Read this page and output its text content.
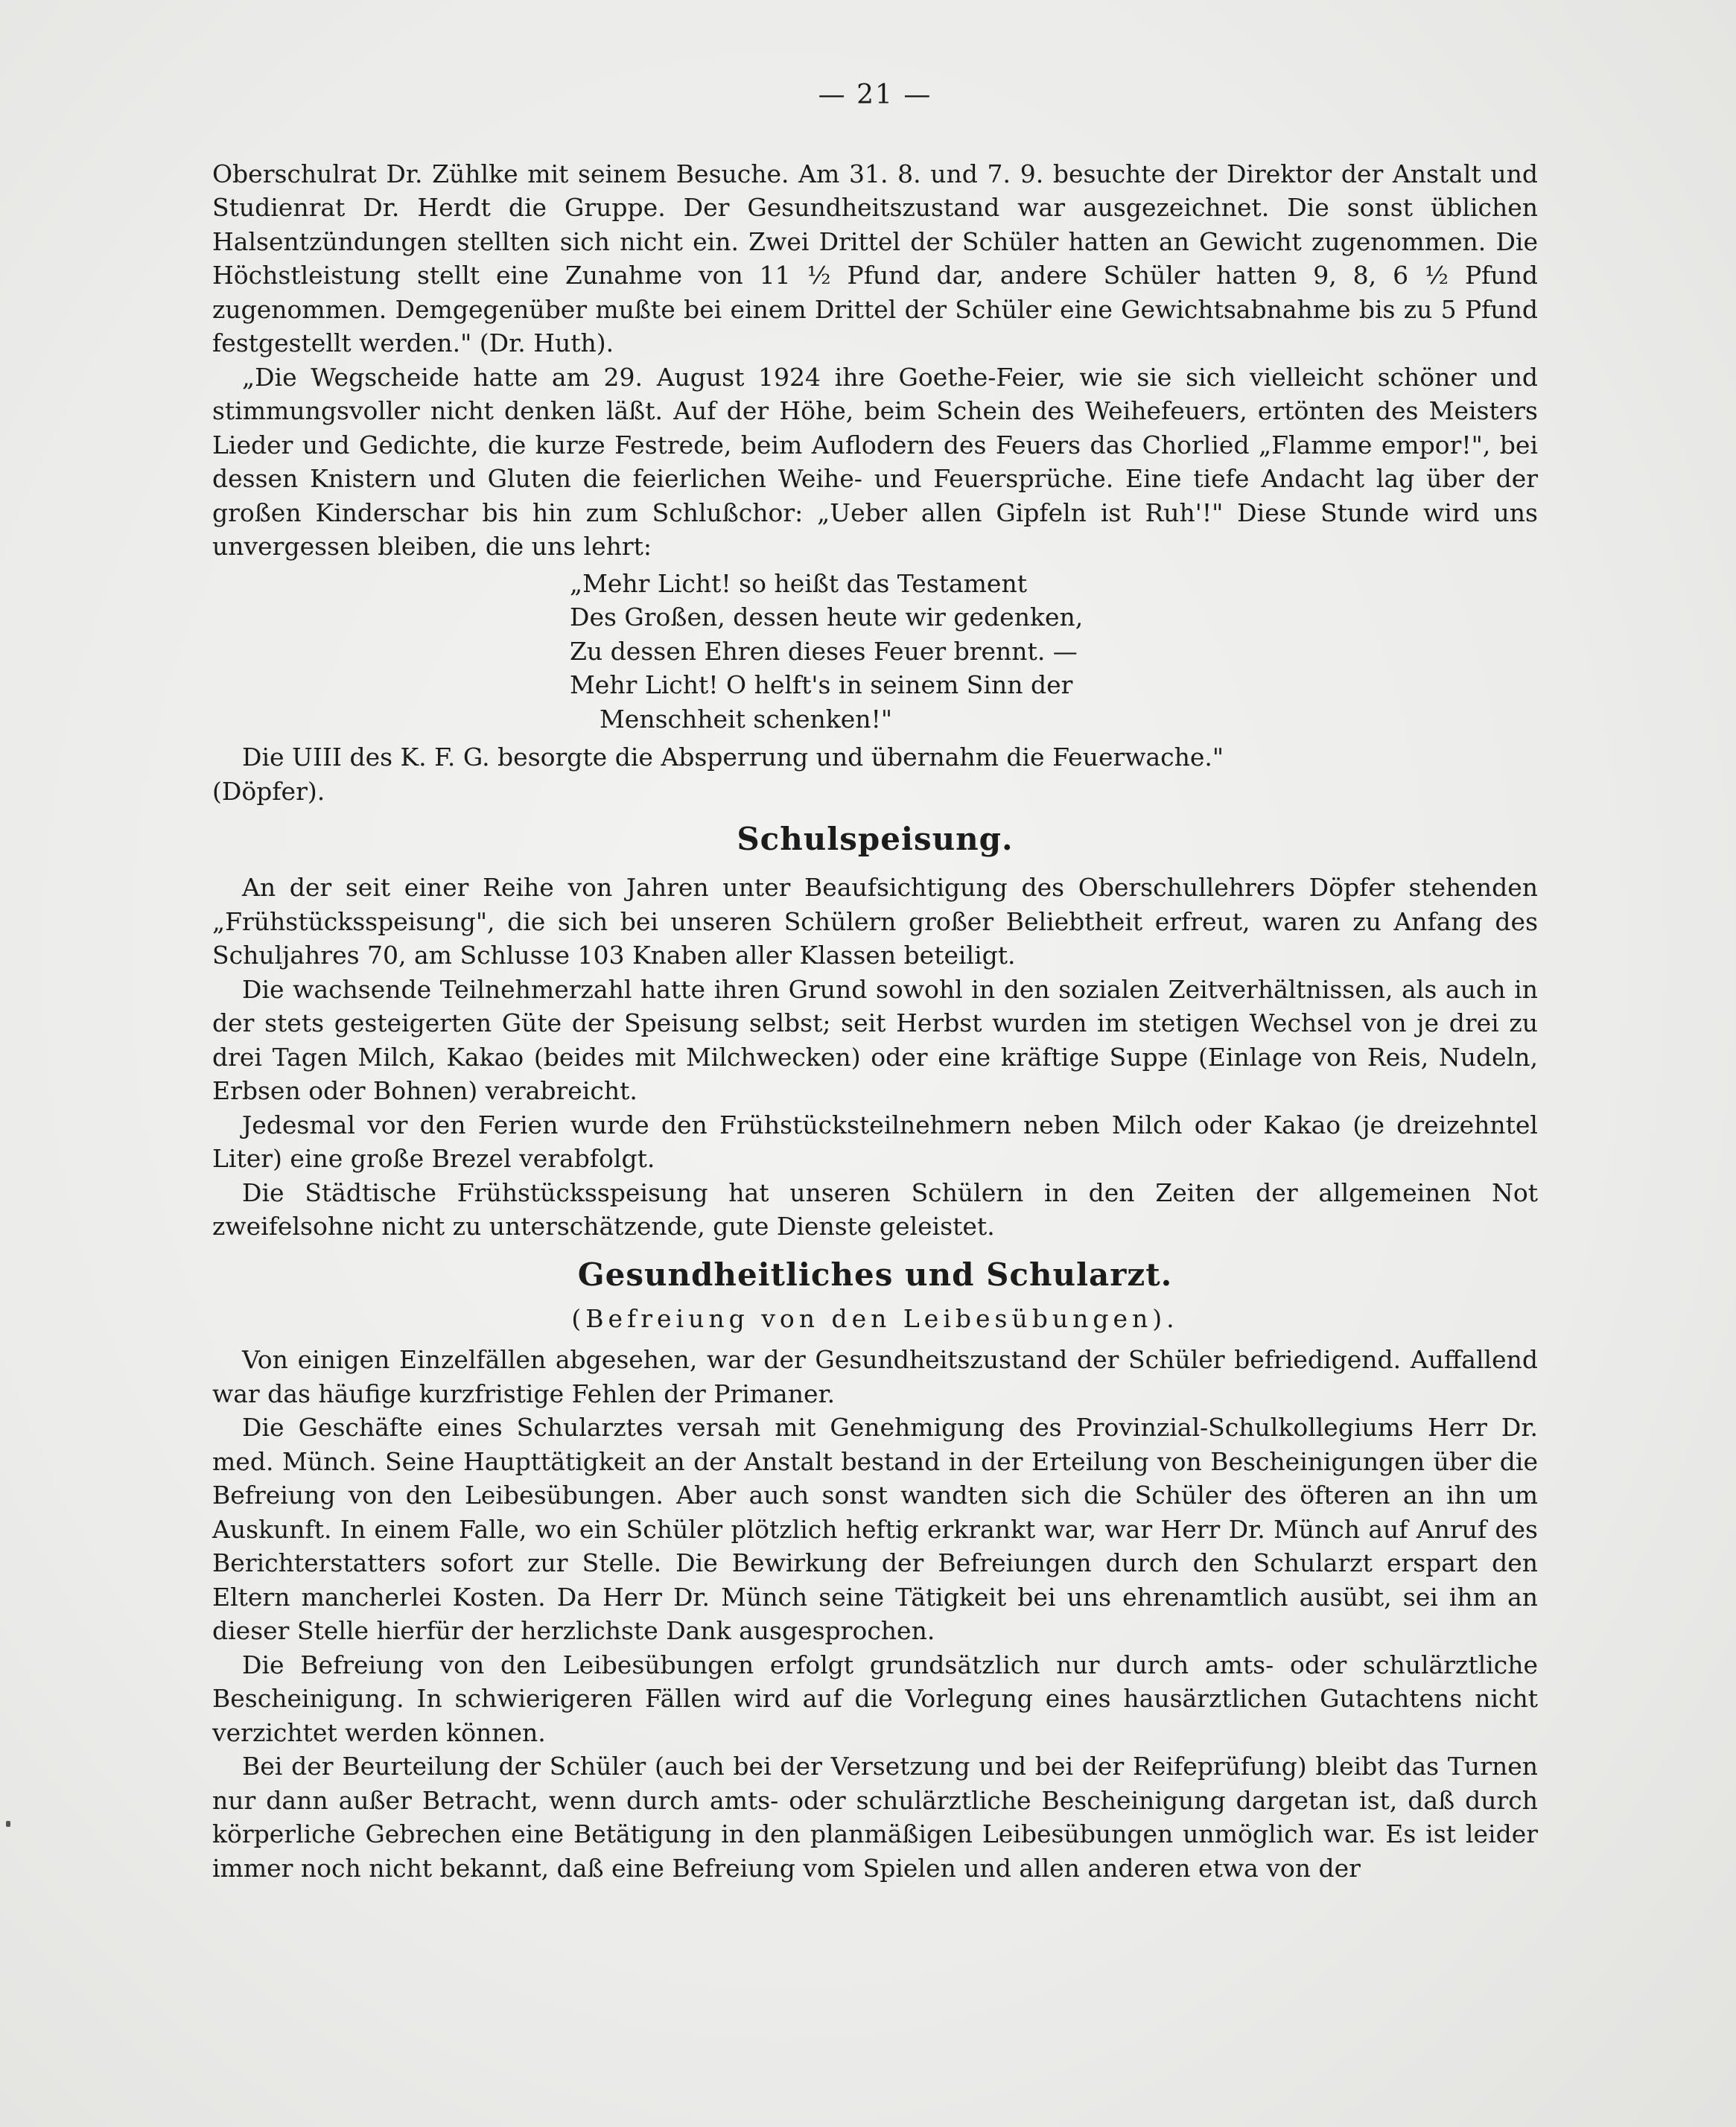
— 21 —

Oberschulrat Dr. Zühlke mit seinem Besuche. Am 31. 8. und 7. 9. besuchte der Direktor der Anstalt und Studienrat Dr. Herdt die Gruppe. Der Gesundheitszustand war ausgezeichnet. Die sonst üblichen Halsentzündungen stellten sich nicht ein. Zwei Drittel der Schüler hatten an Gewicht zugenommen. Die Höchstleistung stellt eine Zunahme von 11 ½ Pfund dar, andere Schüler hatten 9, 8, 6 ½ Pfund zugenommen. Demgegenüber mußte bei einem Drittel der Schüler eine Gewichtsabnahme bis zu 5 Pfund festgestellt werden." (Dr. Huth).

„Die Wegscheide hatte am 29. August 1924 ihre Goethe-Feier, wie sie sich vielleicht schöner und stimmungsvoller nicht denken läßt. Auf der Höhe, beim Schein des Weihefeuers, ertönten des Meisters Lieder und Gedichte, die kurze Festrede, beim Auflodern des Feuers das Chorlied „Flamme empor!", bei dessen Knistern und Gluten die feierlichen Weihe- und Feuersprüche. Eine tiefe Andacht lag über der großen Kinderschar bis hin zum Schlußchor: „Ueber allen Gipfeln ist Ruh'!" Diese Stunde wird uns unvergessen bleiben, die uns lehrt:

„Mehr Licht! so heißt das Testament
Des Großen, dessen heute wir gedenken,
Zu dessen Ehren dieses Feuer brennt. —
Mehr Licht! O helft's in seinem Sinn der
Menschheit schenken!"

Die UIII des K. F. G. besorgte die Absperrung und übernahm die Feuerwache."

(Döpfer).

Schulspeisung.

An der seit einer Reihe von Jahren unter Beaufsichtigung des Oberschullehrers Döpfer stehenden „Frühstücksspeisung", die sich bei unseren Schülern großer Beliebtheit erfreut, waren zu Anfang des Schuljahres 70, am Schlusse 103 Knaben aller Klassen beteiligt.

Die wachsende Teilnehmerzahl hatte ihren Grund sowohl in den sozialen Zeitverhältnissen, als auch in der stets gesteigerten Güte der Speisung selbst; seit Herbst wurden im stetigen Wechsel von je drei zu drei Tagen Milch, Kakao (beides mit Milchwecken) oder eine kräftige Suppe (Einlage von Reis, Nudeln, Erbsen oder Bohnen) verabreicht.

Jedesmal vor den Ferien wurde den Frühstücksteilnehmern neben Milch oder Kakao (je dreizehntel Liter) eine große Brezel verabfolgt.

Die Städtische Frühstücksspeisung hat unseren Schülern in den Zeiten der allgemeinen Not zweifelsohne nicht zu unterschätzende, gute Dienste geleistet.

Gesundheitliches und Schularzt.
(Befreiung von den Leibesübungen).

Von einigen Einzelfällen abgesehen, war der Gesundheitszustand der Schüler befriedigend. Auffallend war das häufige kurzfristige Fehlen der Primaner.

Die Geschäfte eines Schularztes versah mit Genehmigung des Provinzial-Schulkollegiums Herr Dr. med. Münch. Seine Haupttätigkeit an der Anstalt bestand in der Erteilung von Bescheinigungen über die Befreiung von den Leibesübungen. Aber auch sonst wandten sich die Schüler des öfteren an ihn um Auskunft. In einem Falle, wo ein Schüler plötzlich heftig erkrankt war, war Herr Dr. Münch auf Anruf des Berichterstatters sofort zur Stelle. Die Bewirkung der Befreiungen durch den Schularzt erspart den Eltern mancherlei Kosten. Da Herr Dr. Münch seine Tätigkeit bei uns ehrenamtlich ausübt, sei ihm an dieser Stelle hierfür der herzlichste Dank ausgesprochen.

Die Befreiung von den Leibesübungen erfolgt grundsätzlich nur durch amts- oder schulärztliche Bescheinigung. In schwierigeren Fällen wird auf die Vorlegung eines hausärztlichen Gutachtens nicht verzichtet werden können.

Bei der Beurteilung der Schüler (auch bei der Versetzung und bei der Reifeprüfung) bleibt das Turnen nur dann außer Betracht, wenn durch amts- oder schulärztliche Bescheinigung dargetan ist, daß durch körperliche Gebrechen eine Betätigung in den planmäßigen Leibesübungen unmöglich war. Es ist leider immer noch nicht bekannt, daß eine Befreiung vom Spielen und allen anderen etwa von der
